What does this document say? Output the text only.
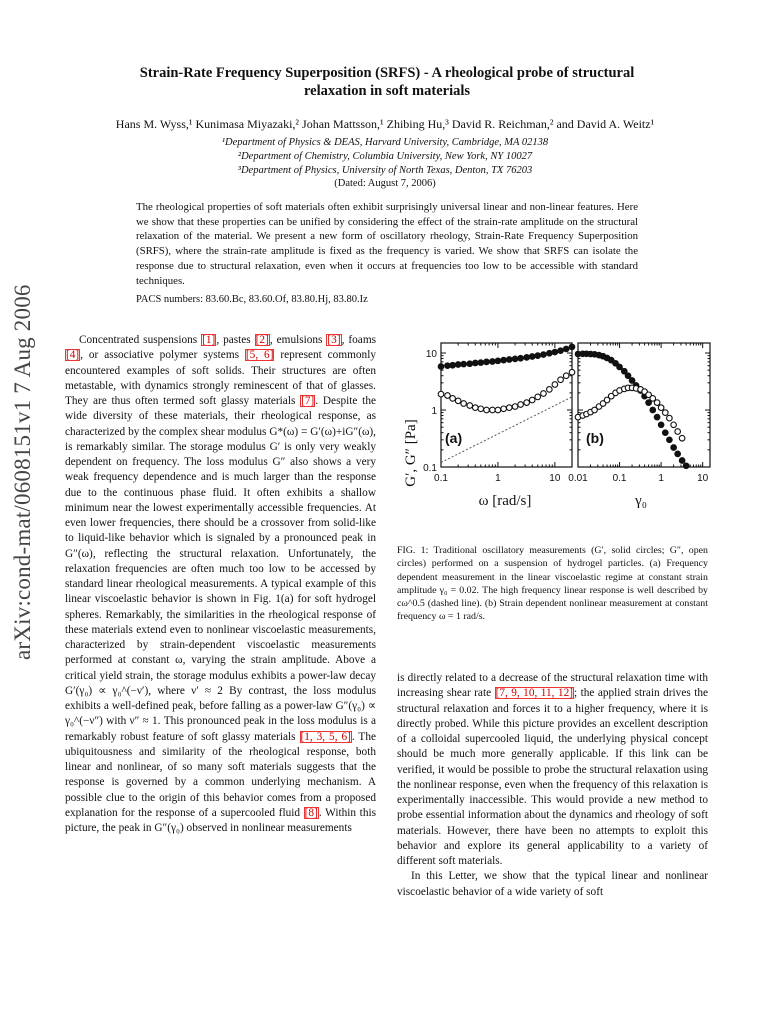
arXiv:cond-mat/0608151v1 7 Aug 2006
Strain-Rate Frequency Superposition (SRFS) - A rheological probe of structural
relaxation in soft materials
Hans M. Wyss,¹ Kunimasa Miyazaki,² Johan Mattsson,¹ Zhibing Hu,³ David R. Reichman,² and David A. Weitz¹
¹Department of Physics & DEAS, Harvard University, Cambridge, MA 02138
²Department of Chemistry, Columbia University, New York, NY 10027
³Department of Physics, University of North Texas, Denton, TX 76203
(Dated: August 7, 2006)
The rheological properties of soft materials often exhibit surprisingly universal linear and non-linear features. Here we show that these properties can be unified by considering the effect of the strain-rate amplitude on the structural relaxation of the material. We present a new form of oscillatory rheology, Strain-Rate Frequency Superposition (SRFS), where the strain-rate amplitude is fixed as the frequency is varied. We show that SRFS can isolate the response due to structural relaxation, even when it occurs at frequencies too low to be accessible with standard techniques.
PACS numbers: 83.60.Bc, 83.60.Of, 83.80.Hj, 83.80.Iz

Concentrated suspensions [1], pastes [2], emulsions [3], foams [4], or associative polymer systems [5, 6] represent commonly encountered examples of soft solids. Their structures are often metastable, with dynamics strongly reminescent of that of glasses. They are thus often termed soft glassy materials [7]. Despite the wide diversity of these materials, their rheological response, as characterized by the complex shear modulus G*(ω) = G′(ω)+iG″(ω), is remarkably similar. The storage modulus G′ is only very weakly dependent on frequency. The loss modulus G″ also shows a very weak frequency dependence and is much larger than the response due to the continuous phase fluid. It often exhibits a shallow minimum near the lowest experimentally accessible frequencies. At even lower frequencies, there should be a crossover from solid-like to liquid-like behavior which is signaled by a pronounced peak in G″(ω), reflecting the structural relaxation. Unfortunately, the relaxation frequencies are often much too low to be accessed by standard linear rheological measurements. A typical example of this linear viscoelastic behavior is shown in Fig. 1(a) for soft hydrogel spheres. Remarkably, the similarities in the rheological response of these materials extend even to nonlinear viscoelastic measurements, characterized by strain-dependent viscoelastic measurements performed at constant ω, varying the strain amplitude. Above a critical yield strain, the storage modulus exhibits a power-law decay G′(γ₀) ∝ γ₀^(−ν′), where ν′ ≈ 2 By contrast, the loss modulus exhibits a well-defined peak, before falling as a power-law G″(γ₀) ∝ γ₀^(−ν″) with ν″ ≈ 1. This pronounced peak in the loss modulus is a remarkably robust feature of soft glassy materials [1, 3, 5, 6]. The ubiquitousness and similarity of the rheological response, both linear and nonlinear, of so many soft materials suggests that the response is governed by a common underlying mechanism. A possible clue to the origin of this behavior comes from a proposed explanation for the response of a supercooled fluid [8]. Within this picture, the peak in G″(γ₀) observed in nonlinear measurements

G′, G″ [Pa] 0.1
1
10
0.1	1	10 0.01 0.1	1	10
(a)	(b)
ω [rad/s]	γ₀
FIG. 1: Traditional oscillatory measurements (G′, solid circles; G″, open circles) performed on a suspension of hydrogel particles. (a) Frequency dependent measurement in the linear viscoelastic regime at constant strain amplitude γ₀ = 0.02. The high frequency linear response is well described by cω^0.5 (dashed line). (b) Strain dependent nonlinear measurement at constant frequency ω = 1 rad/s.

is directly related to a decrease of the structural relaxation time with increasing shear rate [7, 9, 10, 11, 12]; the applied strain drives the structural relaxation and forces it to a higher frequency, where it is directly probed. While this picture provides an excellent description of a colloidal supercooled liquid, the underlying physical concept should be much more generally applicable. If this link can be verified, it would be possible to probe the structural relaxation using the nonlinear response, even when the frequency of this relaxation is experimentally inaccessible. This would provide a new method to probe essential information about the dynamics and rheology of soft materials. However, there have been no attempts to exploit this behavior and explore its general applicability to a variety of different soft materials.

In this Letter, we show that the typical linear and nonlinear viscoelastic behavior of a wide variety of soft
